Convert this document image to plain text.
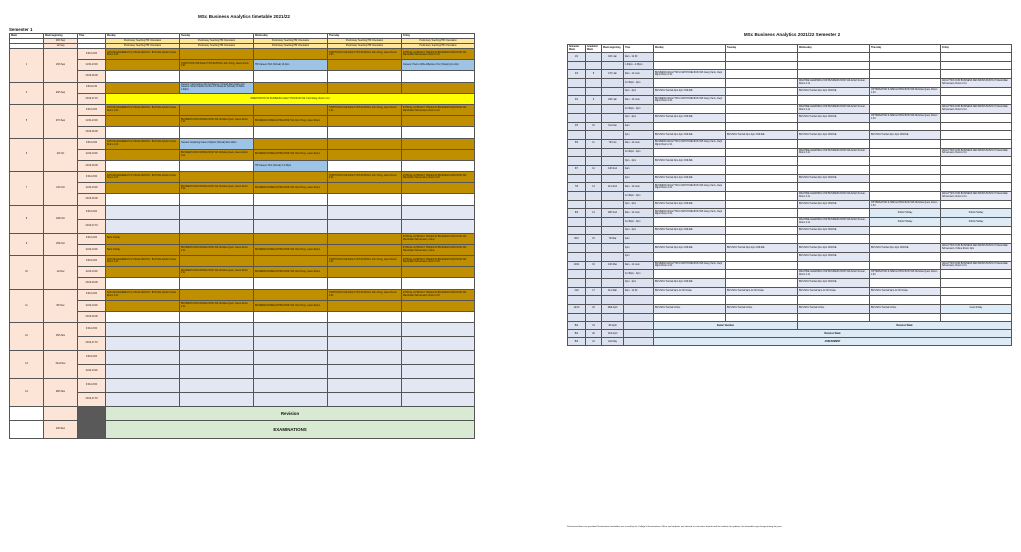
MSc Business Analytics timetable 2021/22
Semester 1
Week	Week beginning	Time	Monday	Tuesday	Wednesday	Thursday	Friday
	20th Sep		Preliminary Teaching/TBI Orientation	Preliminary Teaching/TBI Orientation	Preliminary Teaching/TBI Orientation	Preliminary Teaching/TBI Orientation	Preliminary Teaching/TBI Orientation
	1st Sep		Preliminary Teaching/TBI Orientation	Preliminary Teaching/TBI Orientation	Preliminary Teaching/TBI Orientation	Preliminary Teaching/TBI Orientation	Preliminary Teaching/TBI Orientation
1	13th Sep	9:00-13:00	DATA MANAGEMENT & VISUALISATION - BUS7111 Ashish Kumar Room 1.03			STATISTICS FOR ANALYTICS BUS7110 John Hong, Jason Room 2.01	ETHICAL & PRIVACY ISSUES IN BUSINESS DATA BUS7120 Maximillian Schuemann, Room 2.10
		11:00-13:00		STATISTICS FOR ANALYTICS BUS7110 John Hong, Jason Room 2.01	TBI Careers Hub (Virtual) 13-4pm		Careers: How to Write Effective CVs (Virtual) 1pm-2pm
		13:00-16:00					
4	20th Sep	9:00-12:30		Careers: Interviewing with Confidence (Virtual) 9am-10am and Careers: Work Practice for Box 8.5 Students (Virtual) 11.30am-1.30pm			
		13:00-17:15	ORIENTATION OF BUSINESS ANALYTICS BUS7112 Yunli Wang, Room 2.11				
5	27th Sep	9:00-13:00	DATA MANAGEMENT & VISUALISATION - BUS7111 Ashish Kumar Room 1.03			STATISTICS FOR ANALYTICS BUS7110 John Hong, Jason Room 2.01	ETHICAL & PRIVACY ISSUES IN BUSINESS DATA BUS7120 Maximillian Schuemann, Room 2.10
		11:00-13:00		BUSINESS DATA MINING BUS7113 Nicholas Quek, Jason Room 2.11	BUSINESS FORECASTING BUS7114 John Hong, Jason Room		
		13:00-16:00					
6	4th Oct	9:00-13:00	DATA MANAGEMENT & VISUALISATION - BUS7111 Ashish Kumar Room 1.03	Careers: Exploring Career Options (Virtual) 9am-10am			
		11:00-13:00		BUSINESS DATA MINING BUS7113 Nicholas Quek, Jason Room 2.11	BUSINESS FORECASTING BUS7114 John Hong, Jason Room		
		13:00-16:00			TBI Careers Hub (Virtual) 3-4.30pm		
7	11th Oct	9:00-13:00	DATA MANAGEMENT & VISUALISATION - BUS7111 Ashish Kumar Room 1.03			STATISTICS FOR ANALYTICS BUS7110 John Hong, Jason Room 2.01	ETHICAL & PRIVACY ISSUES IN BUSINESS DATA BUS7120 Maximillian Schuemann, Room 2.10
		11:00-13:00		BUSINESS DATA MINING BUS7113 Nicholas Quek, Jason Room 2.11	BUSINESS FORECASTING BUS7114 John Hong, Jason Room		
		13:00-16:00					
8	18th Oct	9:00-13:00					
		13:00-17:15					
9	25th Oct	9:00-13:00	Bank holiday				ETHICAL & PRIVACY ISSUES IN BUSINESS DATA BUS7120 Maximillian Schuemann, online
		11:00-13:00	Bank holiday	BUSINESS DATA MINING BUS7113 Nicholas Quek, Jason Room 2.11	BUSINESS FORECASTING BUS7114 John Hong, Jason Room		ETHICAL & PRIVACY ISSUES IN BUSINESS DATA BUS7120 Maximillian Schuemann, online
10	1st Nov	9:00-13:00	DATA MANAGEMENT & VISUALISATION - BUS7111 Ashish Kumar Room 1.03			STATISTICS FOR ANALYTICS BUS7110 John Hong, Jason Room 2.01	ETHICAL & PRIVACY ISSUES IN BUSINESS DATA BUS7120 Maximillian Schuemann, Room 2.10
		11:00-13:00		BUSINESS DATA MINING BUS7113 Nicholas Quek, Jason Room 2.11	BUSINESS FORECASTING BUS7114 John Hong, Jason Room		
		13:00-16:00					
11	8th Nov	9:00-13:00	DATA MANAGEMENT & VISUALISATION - BUS7111 Ashish Kumar Room 1.03			STATISTICS FOR ANALYTICS BUS7110 John Hong, Jason Room 2.01	ETHICAL & PRIVACY ISSUES IN BUSINESS DATA BUS7120 Maximillian Schuemann, Room 2.10
		11:00-13:00		BUSINESS DATA MINING BUS7113 Nicholas Quek, Jason Room 2.11	BUSINESS FORECASTING BUS7114 John Hong, Jason Room		
		13:00-16:00					
12	15th Nov	9:00-13:00					
		13:00-17:15					
13	22nd Nov	9:00-13:00					
		11:00-13:00					
14	29th Nov	9:00-13:00					
		13:00-17:15					
			Revision				
	13th Dec		EXAMINATIONS				
MSc Business Analytics 2021/22 Semester 2
Semester Week	Academic Week	Week beginning	Time	Monday	Tuesday	Wednesday	Thursday	Friday
1/2		10th Jan	9am - 12.30					
			1.30pm - 4.30pm					
2/3	8	17th Jan	9am - 12 noon	BUSINESS ANALYTICS CAPSTONE BUS7115 Jiang Yanru, Dept Mgmt Room 2.11				
			12.30pm - 3pm			MACHINE LEARNING FOR BUSINESS BUS7116 Ashish Kumar, Room 2.11		ANALYTICS FOR BUSINESS DECISIONS BUS7117 Maximillian Schuemann, Room 2.11
			3pm - 4pm	BUS7201 Tutorial 3pm-4pm ONLINE		BUS7116 Tutorial 3pm-4pm ONLINE	OPTIMISATION & SIMULATION BUS7118 Nicholas Quek, Room 1.03	
3/4	9	24th Jan	9am - 12 noon	BUSINESS ANALYTICS CAPSTONE BUS7115 Jiang Yanru, Dept Mgmt Room 2.11				
			12.30pm - 3pm			MACHINE LEARNING FOR BUSINESS BUS7116 Ashish Kumar, Room 2.11		ANALYTICS FOR BUSINESS DECISIONS BUS7117 Maximillian Schuemann, Room 2.11
			3pm - 4pm	BUS7201 Tutorial 3pm-4pm ONLINE		BUS7116 Tutorial 3pm-4pm ONLINE	OPTIMISATION & SIMULATION BUS7118 Nicholas Quek, Room 1.03	
4/5	10	31st Jan	4am					
			4pm	BUS7201 Tutorial 3pm-4pm ONLINE	BUS7201 Tutorial 3pm-4pm ONLINE	BUS7116 Tutorial 3pm-4pm ONLINE	BUS7116 Tutorial 3pm-4pm ONLINE	
5/6	11	7th Feb	9am - 12 noon	BUSINESS ANALYTICS CAPSTONE BUS7115 Jiang Yanru, Dept Mgmt Room 2.11				
			12.30pm - 3pm			MACHINE LEARNING FOR BUSINESS BUS7116 Ashish Kumar, Room 2.11		ANALYTICS FOR BUSINESS DECISIONS BUS7117 Maximillian Schuemann, Room 2.11
			3pm - 4pm	BUS7201 Tutorial 3pm-4pm ONLINE				
6/7	12	14th Feb	4am					
			4pm	BUS7201 Tutorial 3pm-4pm ONLINE		BUS7116 Tutorial 3pm-4pm ONLINE		
7/8	13	21st Feb	9am - 12 noon	BUSINESS ANALYTICS CAPSTONE BUS7115 Jiang Yanru, Dept Mgmt Room 2.11				
			12.30pm - 3pm			MACHINE LEARNING FOR BUSINESS BUS7116 Ashish Kumar, Room 2.11		ANALYTICS FOR BUSINESS DECISIONS BUS7117 Maximillian Schuemann, Room 2.11
			3pm - 4pm	BUS7201 Tutorial 3pm-4pm ONLINE		BUS7116 Tutorial 3pm-4pm ONLINE	OPTIMISATION & SIMULATION BUS7118 Nicholas Quek, Room 1.03	
8/9	14	28th Feb	9am - 12 noon	BUSINESS ANALYTICS CAPSTONE BUS7115 Jiang Yanru, Dept Mgmt Room 2.11			Public Holiday	Public Holiday
			12.30pm - 3pm			MACHINE LEARNING FOR BUSINESS BUS7116 Ashish Kumar, Room 2.11	Public Holiday	Public Holiday
			3pm - 4pm	BUS7201 Tutorial 3pm-4pm ONLINE		BUS7116 Tutorial 3pm-4pm ONLINE		
9/10	15	7th Mar	4am					
			4pm	BUS7201 Tutorial 3pm-4pm ONLINE	BUS7201 Tutorial 3pm-4pm ONLINE	BUS7116 Tutorial 3pm-4pm ONLINE	BUS7116 Tutorial 3pm-4pm ONLINE	ANALYTICS FOR BUSINESS DECISIONS BUS7117 Maximillian Schuemann, Online Room 4pm
			4pm			BUS7116 Tutorial 3pm-4pm ONLINE		
10/11	16	14th Mar	9am - 12 noon	BUSINESS ANALYTICS CAPSTONE BUS7115 Jiang Yanru, Dept Mgmt Room 2.11				ANALYTICS FOR BUSINESS DECISIONS BUS7117 Maximillian Schuemann, Room 2.11
			12.30pm - 3pm			MACHINE LEARNING FOR BUSINESS BUS7116 Ashish Kumar, Room 2.11	OPTIMISATION & SIMULATION BUS7118 Nicholas Quek, Room 1.03	
			3pm - 4pm	BUS7201 Tutorial 3pm-4pm ONLINE		BUS7116 Tutorial 3pm-4pm ONLINE		
11/2	17	21st Mar	9am - 12.30	BUS7201 Tutorial 9am-12.30 Online	BUS7201 Tutorial 9am-12.30 Online	BUS7201 Tutorial 9am-12.30 Online	BUS7201 Tutorial 9am-12.30 Online	

12/13	18	28th April		BUS7201 Tutorial Online	BUS7201 Tutorial Online	BUS7201 Tutorial Online	BUS7201 Tutorial Online	Good Friday

B/2	19	4th April		Easter Vacation		Revision Week		
B/2	20	11th April		Revision Week				
B/3	21	2nd May		ASSESSMENT				
Provisional dates are provided. Examination timetables are issued by the College's Examinations Office and students are advised to visit notice boards and the website for updates; the timetable may change during the year.
